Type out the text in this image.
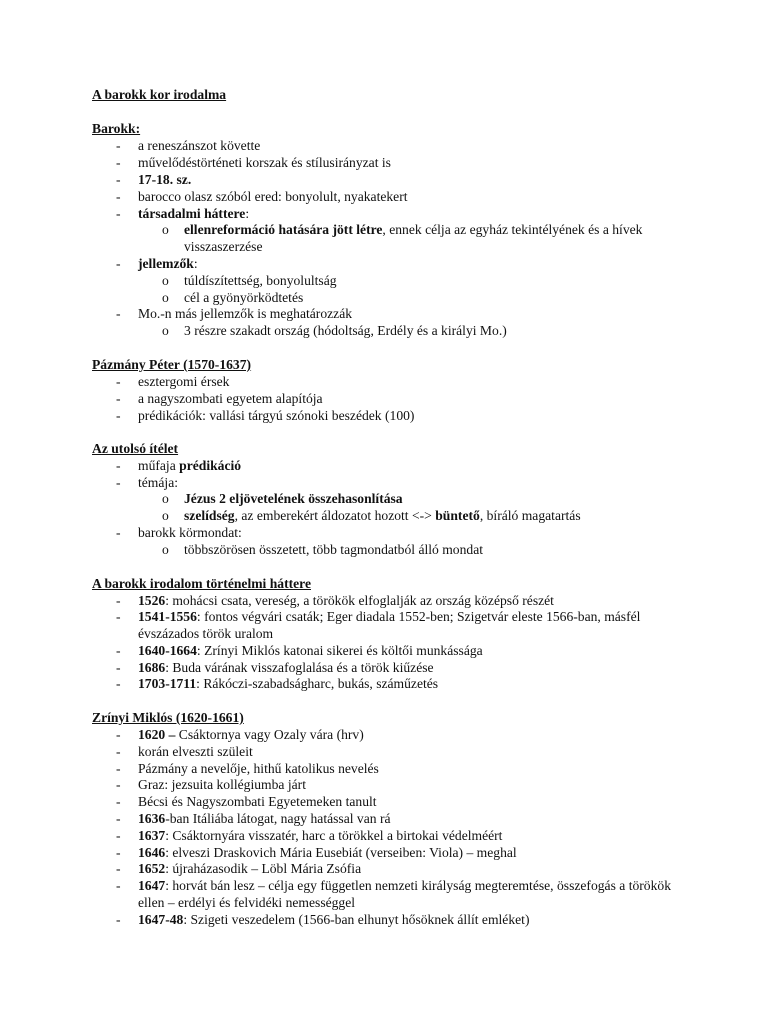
A barokk kor irodalma
Barokk:
- a reneszánszot követte
- művelődéstörténeti korszak és stílusirányzat is
- 17-18. sz.
- barocco olasz szóból ered: bonyolult, nyakatekert
- társadalmi háttere:
o ellenreformáció hatására jött létre, ennek célja az egyház tekintélyének és a hívek visszaszerzése
- jellemzők:
o túldíszítettség, bonyolultság
o cél a gyönyörködtetés
- Mo.-n más jellemzők is meghatározzák
o 3 részre szakadt ország (hódoltság, Erdély és a királyi Mo.)
Pázmány Péter (1570-1637)
- esztergomi érsek
- a nagyszombati egyetem alapítója
- prédikációk: vallási tárgyú szónoki beszédek (100)
Az utolsó ítélet
- műfaja prédikáció
- témája:
o Jézus 2 eljövetelének összehasonlítása
o szelídség, az emberekért áldozatot hozott <-> büntető, bíráló magatartás
- barokk körmondat:
o többszörösen összetett, több tagmondatból álló mondat
A barokk irodalom történelmi háttere
- 1526: mohácsi csata, vereség, a törökök elfoglalják az ország középső részét
- 1541-1556: fontos végvári csaták; Eger diadala 1552-ben; Szigetvár eleste 1566-ban, másfél évszázados török uralom
- 1640-1664: Zrínyi Miklós katonai sikerei és költői munkássága
- 1686: Buda várának visszafoglalása és a török kiűzése
- 1703-1711: Rákóczi-szabadságharc, bukás, száműzetés
Zrínyi Miklós (1620-1661)
- 1620 – Csáktornya vagy Ozaly vára (hrv)
- korán elveszti szüleit
- Pázmány a nevelője, hithű katolikus nevelés
- Graz: jezsuita kollégiumba járt
- Bécsi és Nagyszombati Egyetemeken tanult
- 1636-ban Itáliába látogat, nagy hatással van rá
- 1637: Csáktornyára visszatér, harc a törökkel a birtokai védelméért
- 1646: elveszi Draskovich Mária Eusebiát (verseiben: Viola) – meghal
- 1652: újraházasodik – Löbl Mária Zsófia
- 1647: horvát bán lesz – célja egy független nemzeti királyság megteremtése, összefogás a törökök ellen – erdélyi és felvidéki nemességgel
- 1647-48: Szigeti veszedelem (1566-ban elhunyt hősöknek állít emléket)
